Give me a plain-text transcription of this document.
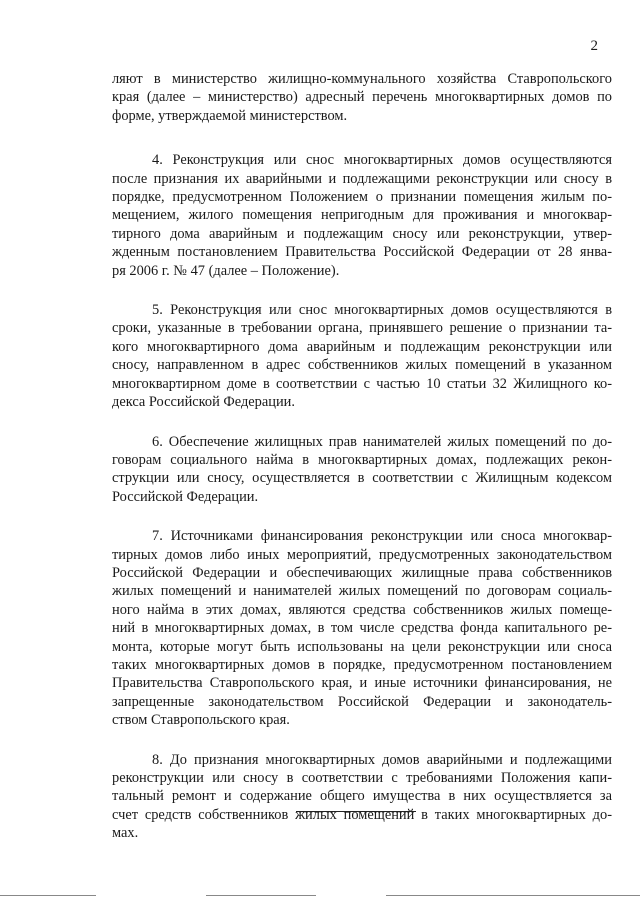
2
ляют в министерство жилищно-коммунального хозяйства Ставропольского
края (далее – министерство) адресный перечень многоквартирных домов по
форме, утверждаемой министерством.
4. Реконструкция или снос многоквартирных домов осуществляются
после признания их аварийными и подлежащими реконструкции или сносу в
порядке, предусмотренном Положением о признании помещения жилым по-
мещением, жилого помещения непригодным для проживания и многоквар-
тирного дома аварийным и подлежащим сносу или реконструкции, утвер-
жденным постановлением Правительства Российской Федерации от 28 янва-
ря 2006 г. № 47 (далее – Положение).
5. Реконструкция или снос многоквартирных домов осуществляются в
сроки, указанные в требовании органа, принявшего решение о признании та-
кого многоквартирного дома аварийным и подлежащим реконструкции или
сносу, направленном в адрес собственников жилых помещений в указанном
многоквартирном доме в соответствии с частью 10 статьи 32 Жилищного ко-
декса Российской Федерации.
6. Обеспечение жилищных прав нанимателей жилых помещений по до-
говорам социального найма в многоквартирных домах, подлежащих рекон-
струкции или сносу, осуществляется в соответствии с Жилищным кодексом
Российской Федерации.
7. Источниками финансирования реконструкции или сноса многоквар-
тирных домов либо иных мероприятий, предусмотренных законодательством
Российской Федерации и обеспечивающих жилищные права собственников
жилых помещений и нанимателей жилых помещений по договорам социаль-
ного найма в этих домах, являются средства собственников жилых помеще-
ний в многоквартирных домах, в том числе средства фонда капитального ре-
монта, которые могут быть использованы на цели реконструкции или сноса
таких многоквартирных домов в порядке, предусмотренном постановлением
Правительства Ставропольского края, и иные источники финансирования, не
запрещенные законодательством Российской Федерации и законодатель-
ством Ставропольского края.
8. До признания многоквартирных домов аварийными и подлежащими
реконструкции или сносу в соответствии с требованиями Положения капи-
тальный ремонт и содержание общего имущества в них осуществляется за
счет средств собственников жилых помещений в таких многоквартирных до-
мах.
